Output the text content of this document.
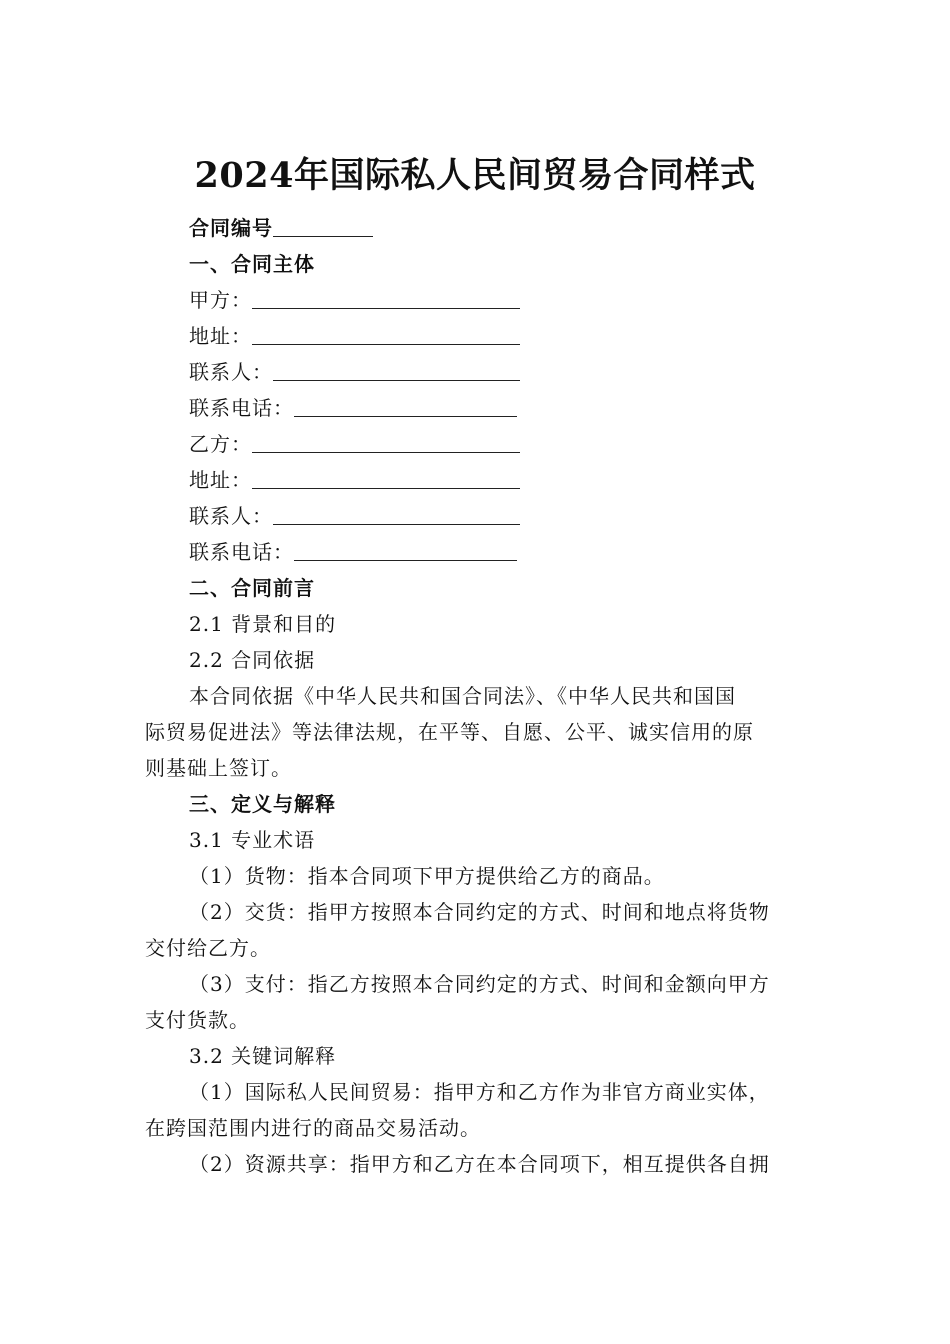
2024年国际私人民间贸易合同样式
合同编号
一、合同主体
甲方：
地址：
联系人：
联系电话：
乙方：
地址：
联系人：
联系电话：
二、合同前言
2.1 背景和目的
2.2 合同依据
本合同依据《中华人民共和国合同法》、《中华人民共和国国
际贸易促进法》等法律法规，在平等、自愿、公平、诚实信用的原
则基础上签订。
三、定义与解释
3.1 专业术语
（1）货物：指本合同项下甲方提供给乙方的商品。
（2）交货：指甲方按照本合同约定的方式、时间和地点将货物
交付给乙方。
（3）支付：指乙方按照本合同约定的方式、时间和金额向甲方
支付货款。
3.2 关键词解释
（1）国际私人民间贸易：指甲方和乙方作为非官方商业实体，
在跨国范围内进行的商品交易活动。
（2）资源共享：指甲方和乙方在本合同项下，相互提供各自拥
